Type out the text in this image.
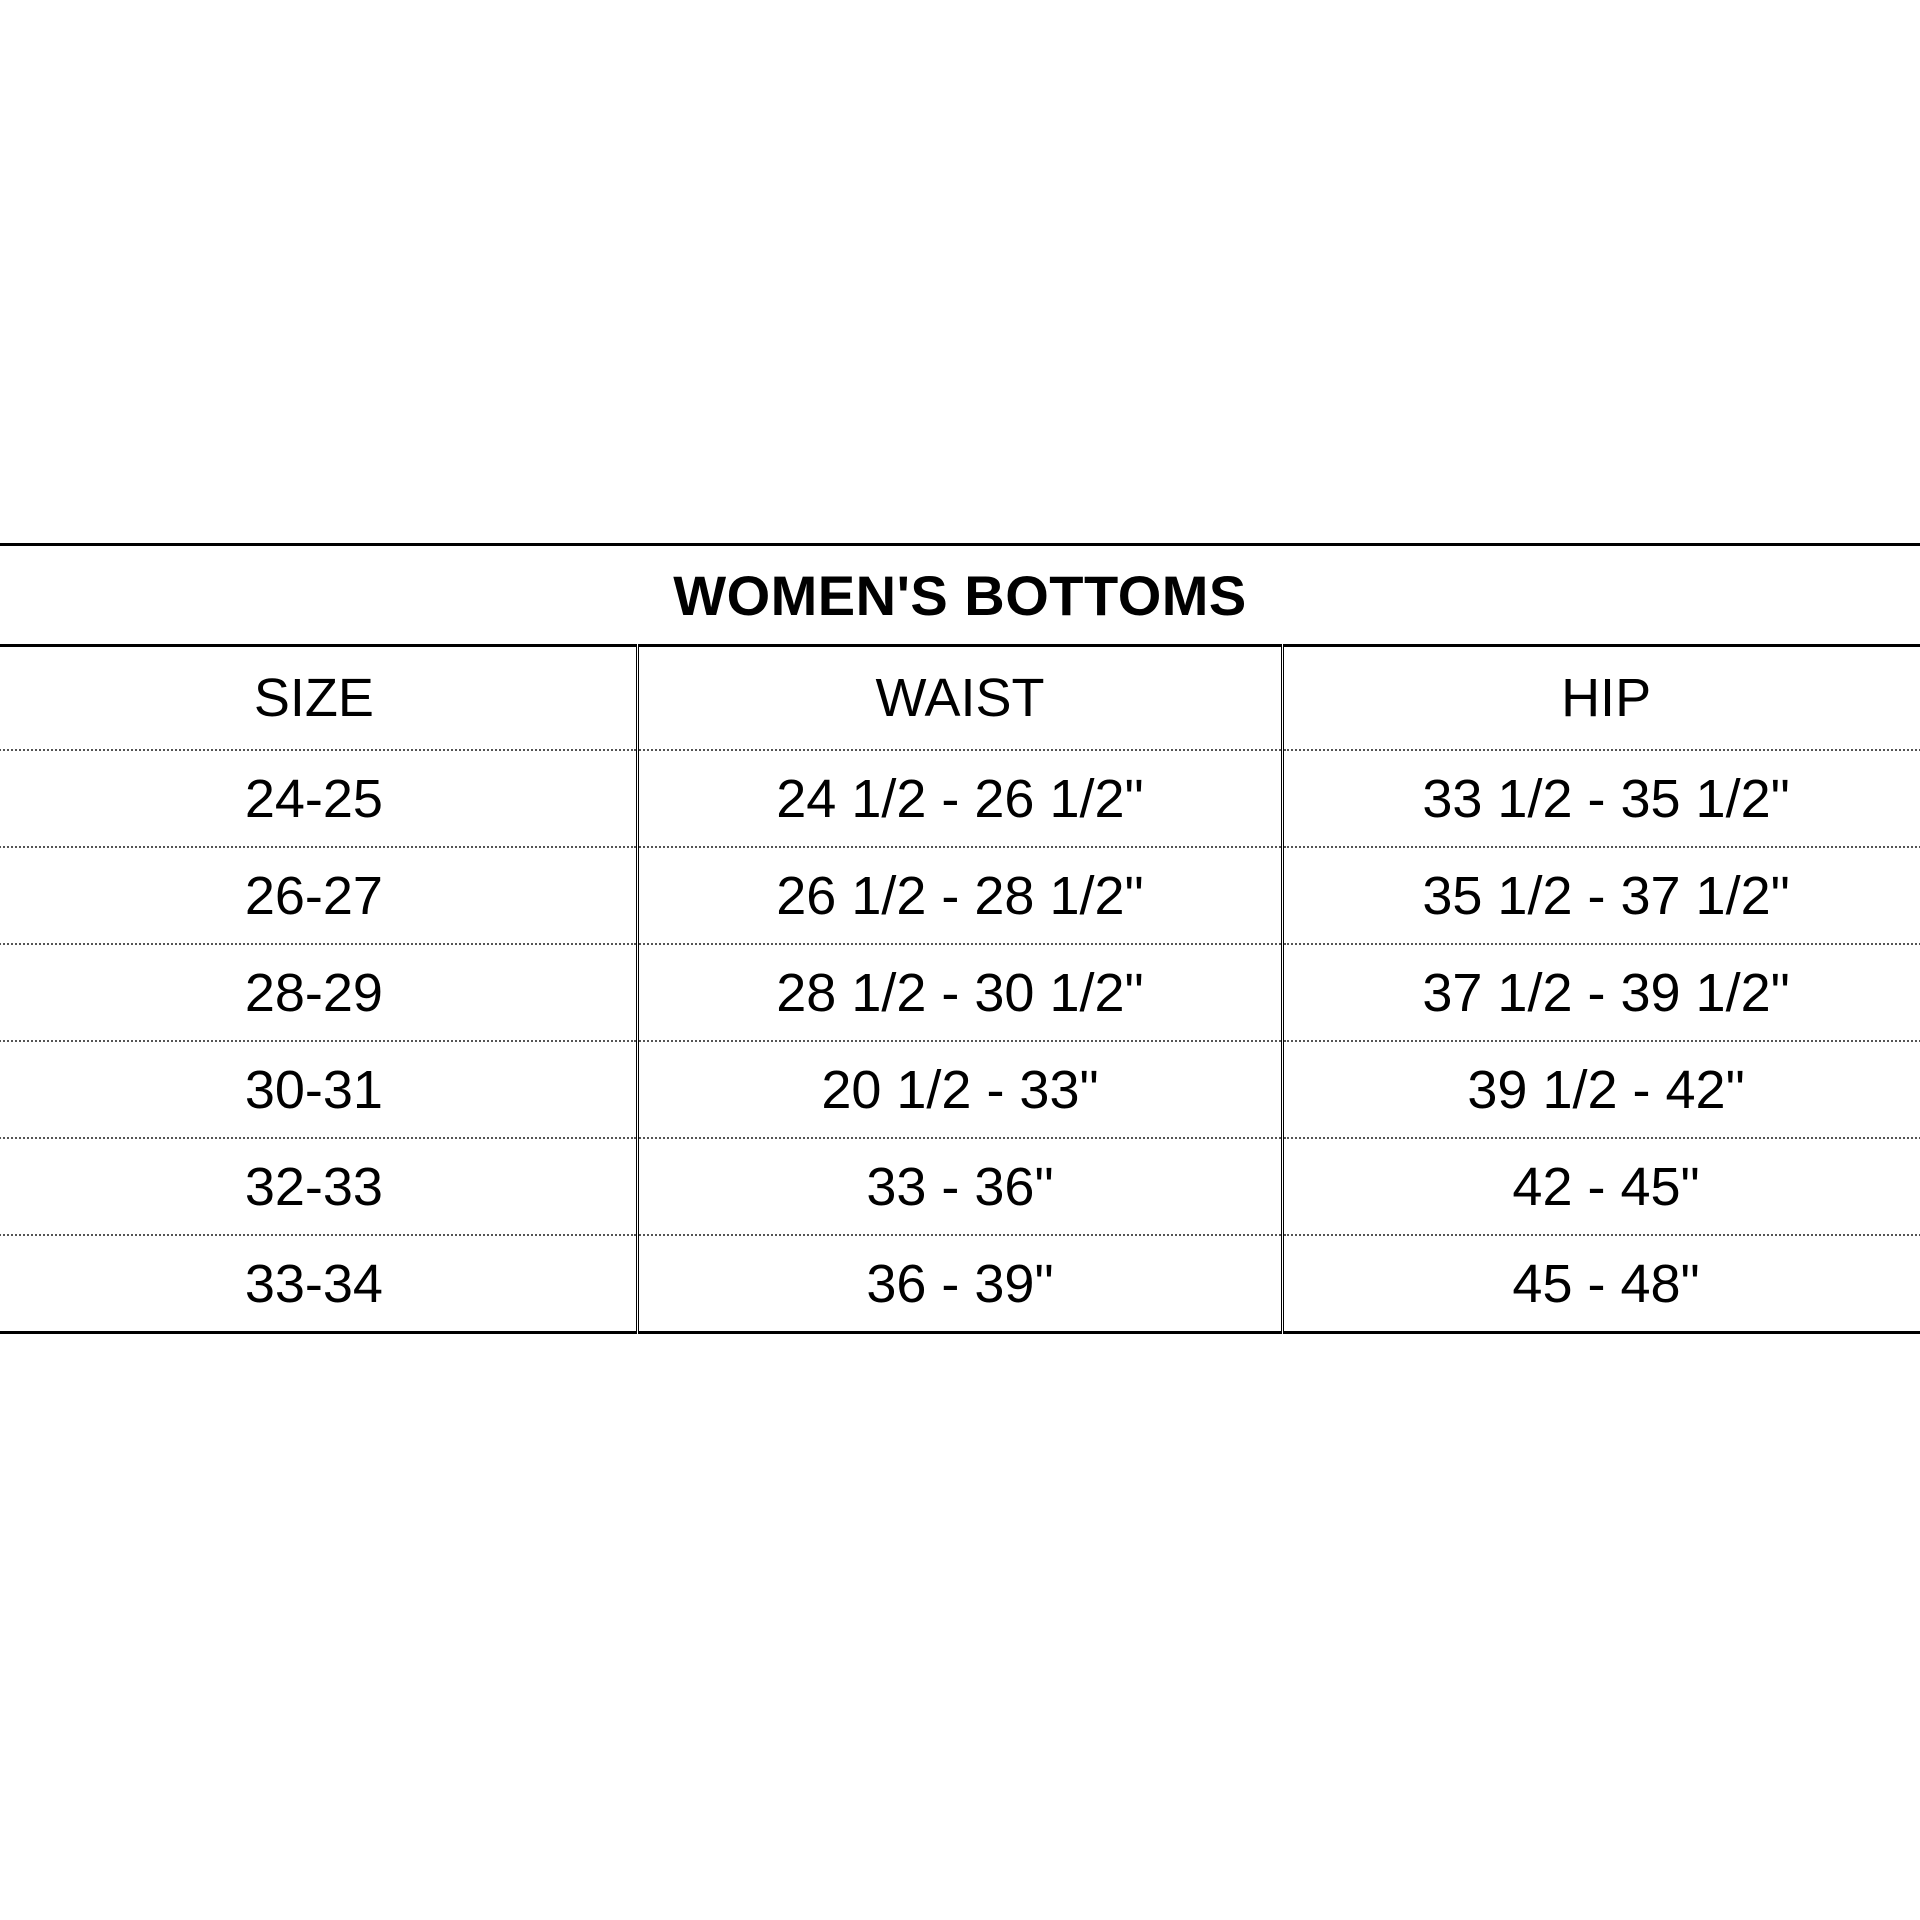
WOMEN'S BOTTOMS		
SIZE	WAIST	HIP
24-25	24 1/2 - 26 1/2"	33 1/2 - 35 1/2"
26-27	26 1/2 - 28 1/2"	35 1/2 - 37 1/2"
28-29	28 1/2 - 30 1/2"	37 1/2 - 39 1/2"
30-31	20 1/2 - 33"	39 1/2 - 42"
32-33	33 - 36"	42 - 45"
33-34	36 - 39"	45 - 48"
